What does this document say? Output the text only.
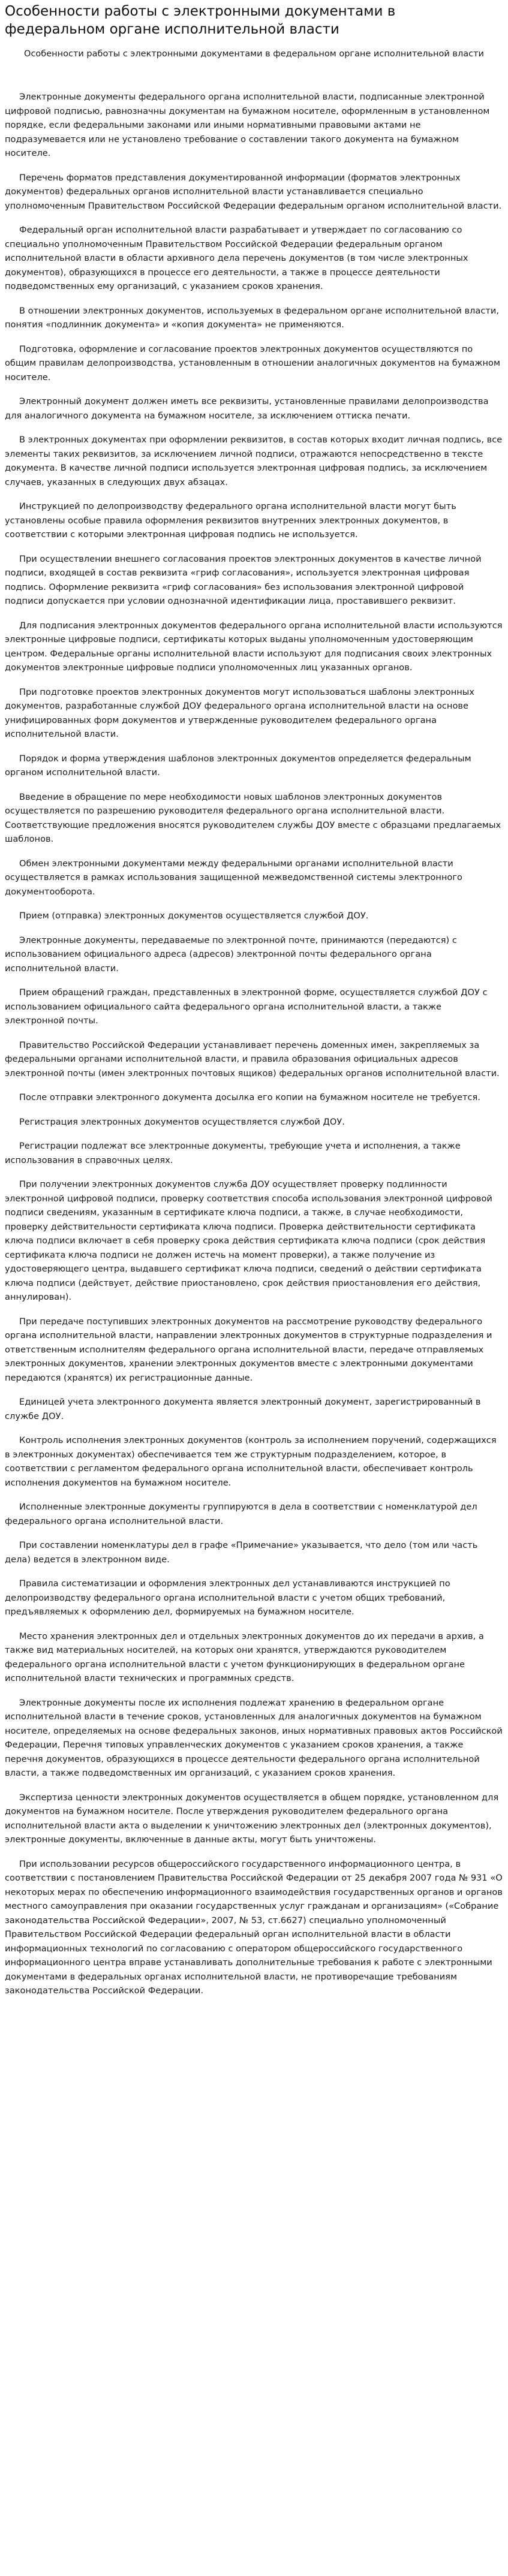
Особенности работы с электронными документами в федеральном органе исполнительной власти
Особенности работы с электронными документами в федеральном органе исполнительной власти

Электронные документы федерального органа исполнительной власти, подписанные электронной цифровой подписью, равнозначны документам на бумажном носителе, оформленным в установленном порядке, если федеральными законами или иными нормативными правовыми актами не подразумевается или не установлено требование о составлении такого документа на бумажном носителе.

Перечень форматов представления документированной информации (форматов электронных документов) федеральных органов исполнительной власти устанавливается специально уполномоченным Правительством Российской Федерации федеральным органом исполнительной власти.

Федеральный орган исполнительной власти разрабатывает и утверждает по согласованию со специально уполномоченным Правительством Российской Федерации федеральным органом исполнительной власти в области архивного дела перечень документов (в том числе электронных документов), образующихся в процессе его деятельности, а также в процессе деятельности подведомственных ему организаций, с указанием сроков хранения.

В отношении электронных документов, используемых в федеральном органе исполнительной власти, понятия «подлинник документа» и «копия документа» не применяются.

Подготовка, оформление и согласование проектов электронных документов осуществляются по общим правилам делопроизводства, установленным в отношении аналогичных документов на бумажном носителе.

Электронный документ должен иметь все реквизиты, установленные правилами делопроизводства для аналогичного документа на бумажном носителе, за исключением оттиска печати.

В электронных документах при оформлении реквизитов, в состав которых входит личная подпись, все элементы таких реквизитов, за исключением личной подписи, отражаются непосредственно в тексте документа. В качестве личной подписи используется электронная цифровая подпись, за исключением случаев, указанных в следующих двух абзацах.

Инструкцией по делопроизводству федерального органа исполнительной власти могут быть установлены особые правила оформления реквизитов внутренних электронных документов, в соответствии с которыми электронная цифровая подпись не используется.

При осуществлении внешнего согласования проектов электронных документов в качестве личной подписи, входящей в состав реквизита «гриф согласования», используется электронная цифровая подпись. Оформление реквизита «гриф согласования» без использования электронной цифровой подписи допускается при условии однозначной идентификации лица, проставившего реквизит.

Для подписания электронных документов федерального органа исполнительной власти используются электронные цифровые подписи, сертификаты которых выданы уполномоченным удостоверяющим центром. Федеральные органы исполнительной власти используют для подписания своих электронных документов электронные цифровые подписи уполномоченных лиц указанных органов.

При подготовке проектов электронных документов могут использоваться шаблоны электронных документов, разработанные службой ДОУ федерального органа исполнительной власти на основе унифицированных форм документов и утвержденные руководителем федерального органа исполнительной власти.

Порядок и форма утверждения шаблонов электронных документов определяется федеральным органом исполнительной власти.

Введение в обращение по мере необходимости новых шаблонов электронных документов осуществляется по разрешению руководителя федерального органа исполнительной власти. Соответствующие предложения вносятся руководителем службы ДОУ вместе с образцами предлагаемых шаблонов.

Обмен электронными документами между федеральными органами исполнительной власти осуществляется в рамках использования защищенной межведомственной системы электронного документооборота.

Прием (отправка) электронных документов осуществляется службой ДОУ.

Электронные документы, передаваемые по электронной почте, принимаются (передаются) с использованием официального адреса (адресов) электронной почты федерального органа исполнительной власти.

Прием обращений граждан, представленных в электронной форме, осуществляется службой ДОУ с использованием официального сайта федерального органа исполнительной власти, а также электронной почты.

Правительство Российской Федерации устанавливает перечень доменных имен, закрепляемых за федеральными органами исполнительной власти, и правила образования официальных адресов электронной почты (имен электронных почтовых ящиков) федеральных органов исполнительной власти.

После отправки электронного документа досылка его копии на бумажном носителе не требуется.

Регистрация электронных документов осуществляется службой ДОУ.

Регистрации подлежат все электронные документы, требующие учета и исполнения, а также использования в справочных целях.

При получении электронных документов служба ДОУ осуществляет проверку подлинности электронной цифровой подписи, проверку соответствия способа использования электронной цифровой подписи сведениям, указанным в сертификате ключа подписи, а также, в случае необходимости, проверку действительности сертификата ключа подписи. Проверка действительности сертификата ключа подписи включает в себя проверку срока действия сертификата ключа подписи (срок действия сертификата ключа подписи не должен истечь на момент проверки), а также получение из удостоверяющего центра, выдавшего сертификат ключа подписи, сведений о действии сертификата ключа подписи (действует, действие приостановлено, срок действия приостановления его действия, аннулирован).

При передаче поступивших электронных документов на рассмотрение руководству федерального органа исполнительной власти, направлении электронных документов в структурные подразделения и ответственным исполнителям федерального органа исполнительной власти, передаче отправляемых электронных документов, хранении электронных документов вместе с электронными документами передаются (хранятся) их регистрационные данные.

Единицей учета электронного документа является электронный документ, зарегистрированный в службе ДОУ.

Контроль исполнения электронных документов (контроль за исполнением поручений, содержащихся в электронных документах) обеспечивается тем же структурным подразделением, которое, в соответствии с регламентом федерального органа исполнительной власти, обеспечивает контроль исполнения документов на бумажном носителе.

Исполненные электронные документы группируются в дела в соответствии с номенклатурой дел федерального органа исполнительной власти.

При составлении номенклатуры дел в графе «Примечание» указывается, что дело (том или часть дела) ведется в электронном виде.

Правила систематизации и оформления электронных дел устанавливаются инструкцией по делопроизводству федерального органа исполнительной власти с учетом общих требований, предъявляемых к оформлению дел, формируемых на бумажном носителе.

Место хранения электронных дел и отдельных электронных документов до их передачи в архив, а также вид материальных носителей, на которых они хранятся, утверждаются руководителем федерального органа исполнительной власти с учетом функционирующих в федеральном органе исполнительной власти технических и программных средств.

Электронные документы после их исполнения подлежат хранению в федеральном органе исполнительной власти в течение сроков, установленных для аналогичных документов на бумажном носителе, определяемых на основе федеральных законов, иных нормативных правовых актов Российской Федерации, Перечня типовых управленческих документов с указанием сроков хранения, а также перечня документов, образующихся в процессе деятельности федерального органа исполнительной власти, а также подведомственных им организаций, с указанием сроков хранения.

Экспертиза ценности электронных документов осуществляется в общем порядке, установленном для документов на бумажном носителе. После утверждения руководителем федерального органа исполнительной власти акта о выделении к уничтожению электронных дел (электронных документов), электронные документы, включенные в данные акты, могут быть уничтожены.

При использовании ресурсов общероссийского государственного информационного центра, в соответствии с постановлением Правительства Российской Федерации от 25 декабря 2007 года № 931 «О некоторых мерах по обеспечению информационного взаимодействия государственных органов и органов местного самоуправления при оказании государственных услуг гражданам и организациям» («Собрание законодательства Российской Федерации», 2007, № 53, ст.6627) специально уполномоченный Правительством Российской Федерации федеральный орган исполнительной власти в области информационных технологий по согласованию с оператором общероссийского государственного информационного центра вправе устанавливать дополнительные требования к работе с электронными документами в федеральных органах исполнительной власти, не противоречащие требованиям законодательства Российской Федерации.
